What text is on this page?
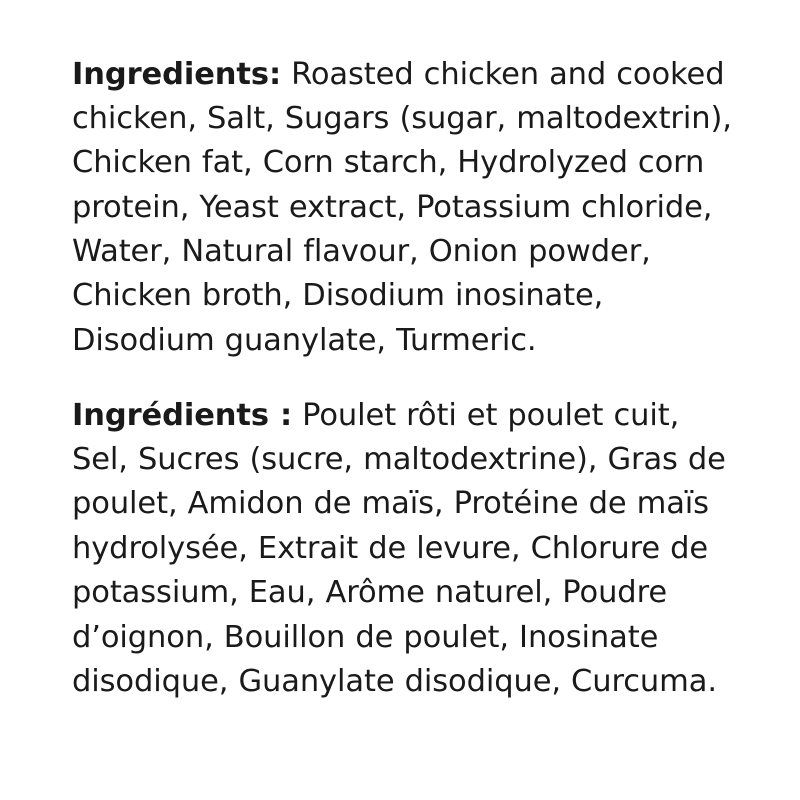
Ingredients: Roasted chicken and cooked chicken, Salt, Sugars (sugar, maltodextrin), Chicken fat, Corn starch, Hydrolyzed corn protein, Yeast extract, Potassium chloride, Water, Natural flavour, Onion powder, Chicken broth, Disodium inosinate, Disodium guanylate, Turmeric.

Ingrédients : Poulet rôti et poulet cuit, Sel, Sucres (sucre, maltodextrine), Gras de poulet, Amidon de maïs, Protéine de maïs hydrolysée, Extrait de levure, Chlorure de potassium, Eau, Arôme naturel, Poudre d’oignon, Bouillon de poulet, Inosinate disodique, Guanylate disodique, Curcuma.
